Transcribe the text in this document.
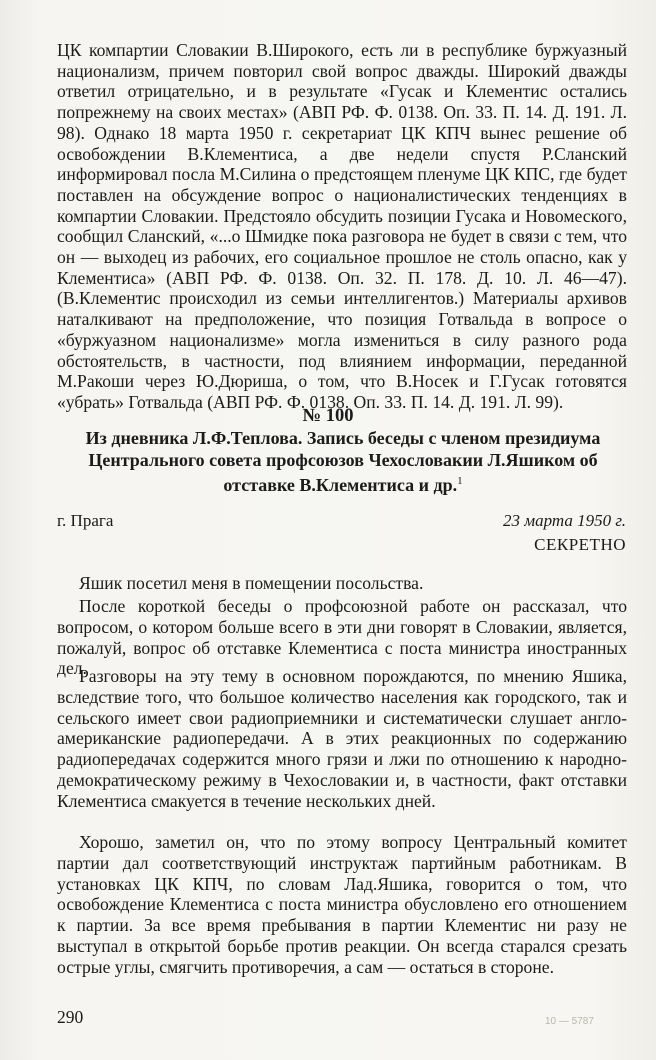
ЦК компартии Словакии В.Широкого, есть ли в республике буржуазный национализм, причем повторил свой вопрос дважды. Широкий дважды ответил отрицательно, и в результате «Гусак и Клементис остались попрежнему на своих местах» (АВП РФ. Ф. 0138. Оп. 33. П. 14. Д. 191. Л. 98). Однако 18 марта 1950 г. секретариат ЦК КПЧ вынес решение об освобождении В.Клементиса, а две недели спустя Р.Сланский информировал посла М.Силина о предстоящем пленуме ЦК КПС, где будет поставлен на обсуждение вопрос о националистических тенденциях в компартии Словакии. Предстояло обсудить позиции Гусака и Новомеского, сообщил Сланский, «...о Шмидке пока разговора не будет в связи с тем, что он — выходец из рабочих, его социальное прошлое не столь опасно, как у Клементиса» (АВП РФ. Ф. 0138. Оп. 32. П. 178. Д. 10. Л. 46—47). (В.Клементис происходил из семьи интеллигентов.) Материалы архивов наталкивают на предположение, что позиция Готвальда в вопросе о «буржуазном национализме» могла измениться в силу разного рода обстоятельств, в частности, под влиянием информации, переданной М.Ракоши через Ю.Дюриша, о том, что В.Носек и Г.Гусак готовятся «убрать» Готвальда (АВП РФ. Ф. 0138. Оп. 33. П. 14. Д. 191. Л. 99).
№ 100
Из дневника Л.Ф.Теплова. Запись беседы с членом президиума Центрального совета профсоюзов Чехословакии Л.Яшиком об отставке В.Клементиса и др.$^1$
г. Прага	23 марта 1950 г.
СЕКРЕТНО
Яшик посетил меня в помещении посольства.
После короткой беседы о профсоюзной работе он рассказал, что вопросом, о котором больше всего в эти дни говорят в Словакии, является, пожалуй, вопрос об отставке Клементиса с поста министра иностранных дел.
Разговоры на эту тему в основном порождаются, по мнению Яшика, вследствие того, что большое количество населения как городского, так и сельского имеет свои радиоприемники и систематически слушает англо-американские радиопередачи. А в этих реакционных по содержанию радиопередачах содержится много грязи и лжи по отношению к народно-демократическому режиму в Чехословакии и, в частности, факт отставки Клементиса смакуется в течение нескольких дней.
Хорошо, заметил он, что по этому вопросу Центральный комитет партии дал соответствующий инструктаж партийным работникам. В установках ЦК КПЧ, по словам Лад.Яшика, говорится о том, что освобождение Клементиса с поста министра обусловлено его отношением к партии. За все время пребывания в партии Клементис ни разу не выступал в открытой борьбе против реакции. Он всегда старался срезать острые углы, смягчить противоречия, а сам — остаться в стороне.
290	10 — 5787
